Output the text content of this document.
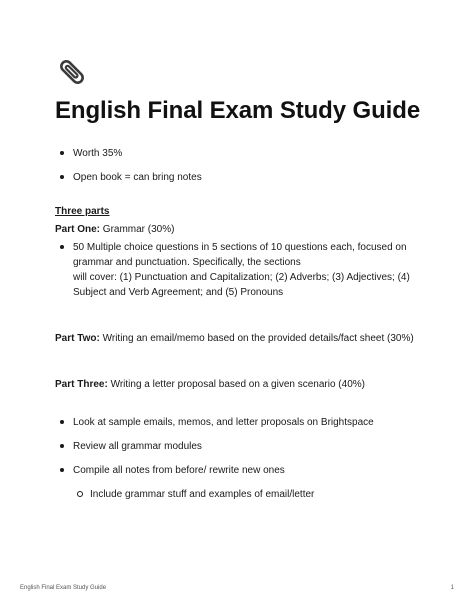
English Final Exam Study Guide
Worth 35%
Open book = can bring notes
Three parts
Part One: Grammar (30%)
50 Multiple choice questions in 5 sections of 10 questions each, focused on
grammar and punctuation. Specifically, the sections
will cover: (1) Punctuation and Capitalization; (2) Adverbs; (3) Adjectives; (4)
Subject and Verb Agreement; and (5) Pronouns
Part Two: Writing an email/memo based on the provided details/fact sheet (30%)
Part Three: Writing a letter proposal based on a given scenario (40%)
Look at sample emails, memos, and letter proposals on Brightspace
Review all grammar modules
Compile all notes from before/ rewrite new ones
Include grammar stuff and examples of email/letter
English Final Exam Study Guide	1
